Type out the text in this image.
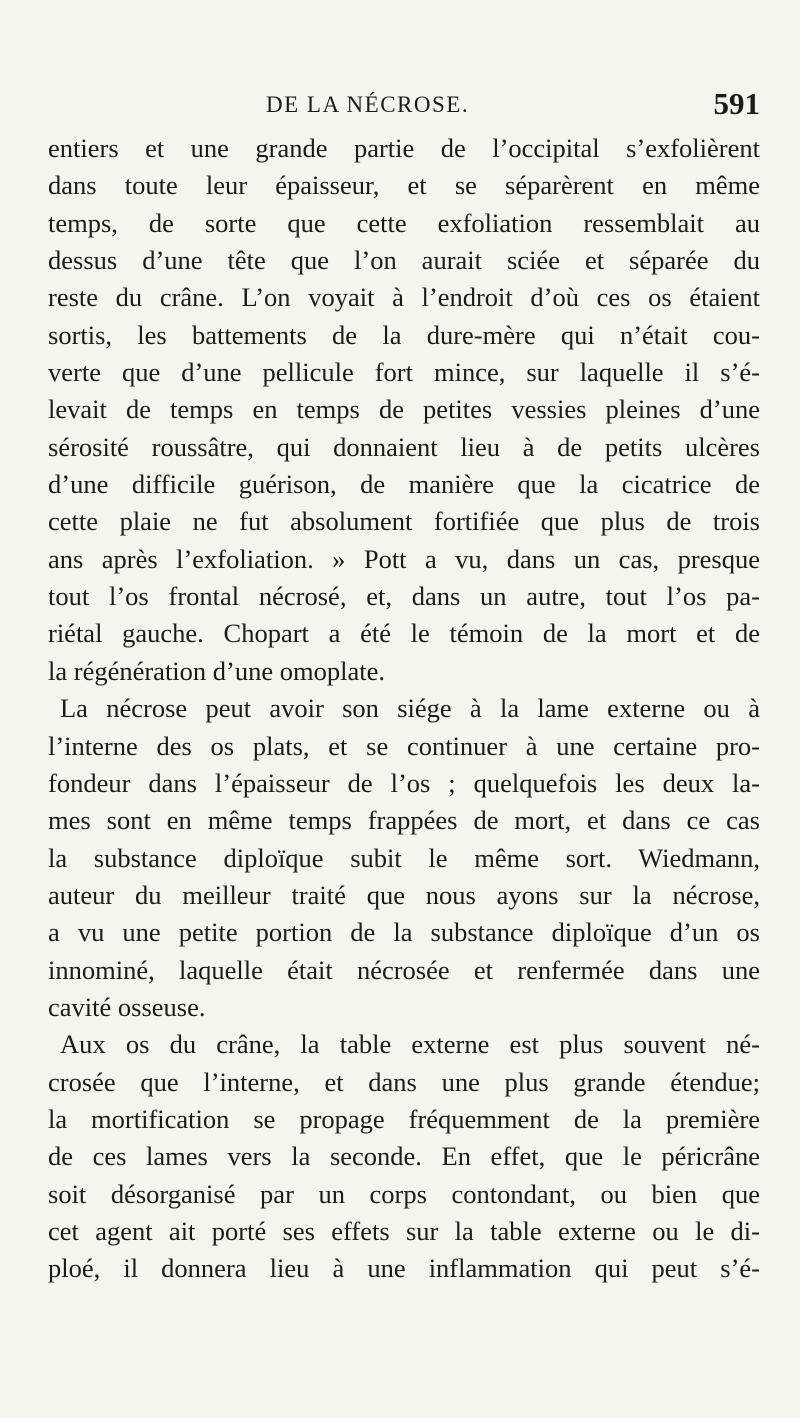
DE LA NÉCROSE.	591
entiers et une grande partie de l’occipital s’exfolièrent
dans toute leur épaisseur, et se séparèrent en même
temps, de sorte que cette exfoliation ressemblait au
dessus d’une tête que l’on aurait sciée et séparée du
reste du crâne. L’on voyait à l’endroit d’où ces os étaient
sortis, les battements de la dure-mère qui n’était cou-
verte que d’une pellicule fort mince, sur laquelle il s’é-
levait de temps en temps de petites vessies pleines d’une
sérosité roussâtre, qui donnaient lieu à de petits ulcères
d’une difficile guérison, de manière que la cicatrice de
cette plaie ne fut absolument fortifiée que plus de trois
ans après l’exfoliation. » Pott a vu, dans un cas, presque
tout l’os frontal nécrosé, et, dans un autre, tout l’os pa-
riétal gauche. Chopart a été le témoin de la mort et de
la régénération d’une omoplate.
La nécrose peut avoir son siége à la lame externe ou à
l’interne des os plats, et se continuer à une certaine pro-
fondeur dans l’épaisseur de l’os ; quelquefois les deux la-
mes sont en même temps frappées de mort, et dans ce cas
la substance diploïque subit le même sort. Wiedmann,
auteur du meilleur traité que nous ayons sur la nécrose,
a vu une petite portion de la substance diploïque d’un os
innominé, laquelle était nécrosée et renfermée dans une
cavité osseuse.
Aux os du crâne, la table externe est plus souvent né-
crosée que l’interne, et dans une plus grande étendue;
la mortification se propage fréquemment de la première
de ces lames vers la seconde. En effet, que le péricrâne
soit désorganisé par un corps contondant, ou bien que
cet agent ait porté ses effets sur la table externe ou le di-
ploé, il donnera lieu à une inflammation qui peut s’é-
